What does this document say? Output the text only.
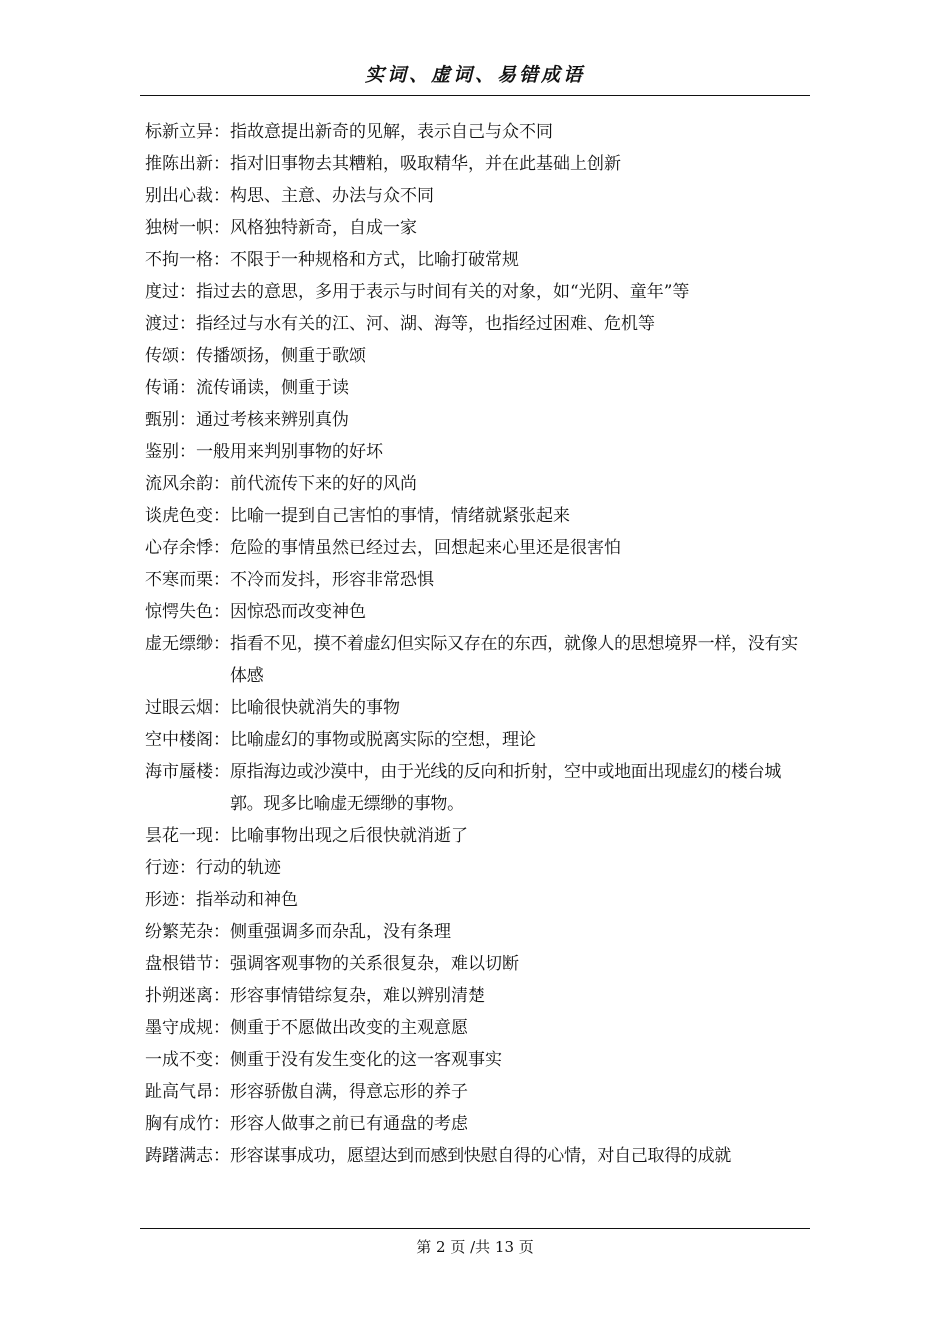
实词、虚词、易错成语
标新立异： 指故意提出新奇的见解，表示自己与众不同
推陈出新： 指对旧事物去其糟粕，吸取精华，并在此基础上创新
别出心裁： 构思、主意、办法与众不同
独树一帜： 风格独特新奇，自成一家
不拘一格： 不限于一种规格和方式，比喻打破常规
度过： 指过去的意思，多用于表示与时间有关的对象，如“光阴、童年”等
渡过： 指经过与水有关的江、河、湖、海等，也指经过困难、危机等
传颂： 传播颂扬，侧重于歌颂
传诵： 流传诵读，侧重于读
甄别： 通过考核来辨别真伪
鉴别： 一般用来判别事物的好坏
流风余韵： 前代流传下来的好的风尚
谈虎色变： 比喻一提到自己害怕的事情，情绪就紧张起来
心存余悸： 危险的事情虽然已经过去，回想起来心里还是很害怕
不寒而栗： 不冷而发抖，形容非常恐惧
惊愕失色： 因惊恐而改变神色
虚无缥缈： 指看不见，摸不着虚幻但实际又存在的东西，就像人的思想境界一样，没有实体感
过眼云烟： 比喻很快就消失的事物
空中楼阁： 比喻虚幻的事物或脱离实际的空想，理论
海市蜃楼： 原指海边或沙漠中，由于光线的反向和折射，空中或地面出现虚幻的楼台城郭。现多比喻虚无缥缈的事物。
昙花一现： 比喻事物出现之后很快就消逝了
行迹： 行动的轨迹
形迹： 指举动和神色
纷繁芜杂： 侧重强调多而杂乱，没有条理
盘根错节： 强调客观事物的关系很复杂，难以切断
扑朔迷离： 形容事情错综复杂，难以辨别清楚
墨守成规： 侧重于不愿做出改变的主观意愿
一成不变： 侧重于没有发生变化的这一客观事实
趾高气昂： 形容骄傲自满，得意忘形的养子
胸有成竹： 形容人做事之前已有通盘的考虑
踌躇满志： 形容谋事成功，愿望达到而感到快慰自得的心情，对自己取得的成就
第 2 页 /共 13 页
